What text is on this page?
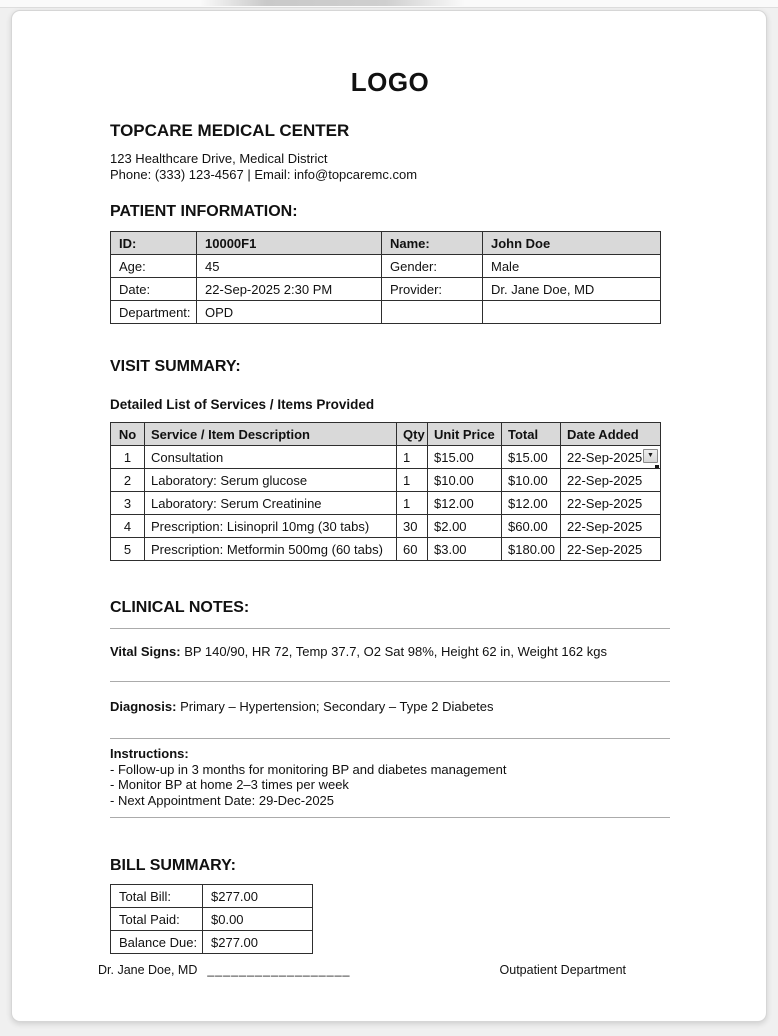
LOGO
TOPCARE MEDICAL CENTER
123 Healthcare Drive, Medical District
Phone: (333) 123-4567 | Email: info@topcaremc.com
PATIENT INFORMATION:
ID:	10000F1	Name:	John Doe
Age:	45	Gender:	Male
Date:	22-Sep-2025 2:30 PM	Provider:	Dr. Jane Doe, MD
Department:	OPD		
VISIT SUMMARY:
Detailed List of Services / Items Provided
No	Service / Item Description	Qty	Unit Price	Total	Date Added
1	Consultation	1	$15.00	$15.00	22-Sep-2025 ▼

2	Laboratory: Serum glucose	1	$10.00	$10.00	22-Sep-2025
3	Laboratory: Serum Creatinine	1	$12.00	$12.00	22-Sep-2025
4	Prescription: Lisinopril 10mg (30 tabs)	30	$2.00	$60.00	22-Sep-2025
5	Prescription: Metformin 500mg (60 tabs)	60	$3.00	$180.00	22-Sep-2025
CLINICAL NOTES:

Vital Signs: BP 140/90, HR 72, Temp 37.7, O2 Sat 98%, Height 62 in, Weight 162 kgs

Diagnosis: Primary – Hypertension; Secondary – Type 2 Diabetes

Instructions:

- Follow-up in 3 months for monitoring BP and diabetes management

- Monitor BP at home 2–3 times per week

- Next Appointment Date: 29-Dec-2025

BILL SUMMARY:
Total Bill:	$277.00
Total Paid:	$0.00
Balance Due:	$277.00
Dr. Jane Doe, MD __________________	Outpatient Department
